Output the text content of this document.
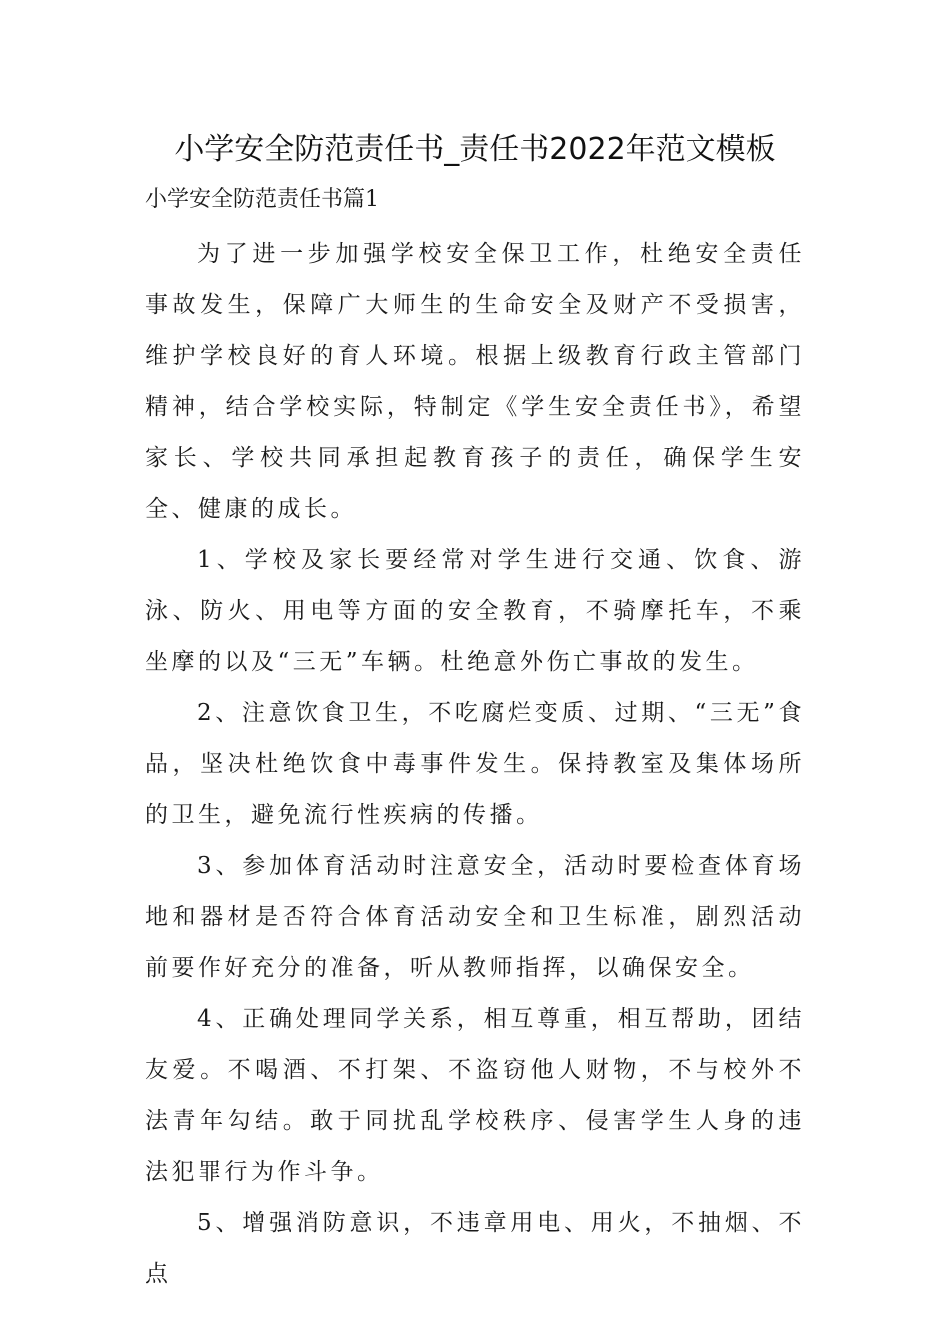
小学安全防范责任书_责任书2022年范文模板
小学安全防范责任书篇1

为了进一步加强学校安全保卫工作，杜绝安全责任事故发生，保障广大师生的生命安全及财产不受损害，维护学校良好的育人环境。根据上级教育行政主管部门精神，结合学校实际，特制定《学生安全责任书》，希望家长、学校共同承担起教育孩子的责任，确保学生安全、健康的成长。

1、学校及家长要经常对学生进行交通、饮食、游泳、防火、用电等方面的安全教育，不骑摩托车，不乘坐摩的以及“三无”车辆。杜绝意外伤亡事故的发生。

2、注意饮食卫生，不吃腐烂变质、过期、“三无”食品，坚决杜绝饮食中毒事件发生。保持教室及集体场所的卫生，避免流行性疾病的传播。

3、参加体育活动时注意安全，活动时要检查体育场地和器材是否符合体育活动安全和卫生标准，剧烈活动前要作好充分的准备，听从教师指挥，以确保安全。

4、正确处理同学关系，相互尊重，相互帮助，团结友爱。不喝酒、不打架、不盗窃他人财物，不与校外不法青年勾结。敢于同扰乱学校秩序、侵害学生人身的违法犯罪行为作斗争。

5、增强消防意识，不违章用电、用火，不抽烟、不点
